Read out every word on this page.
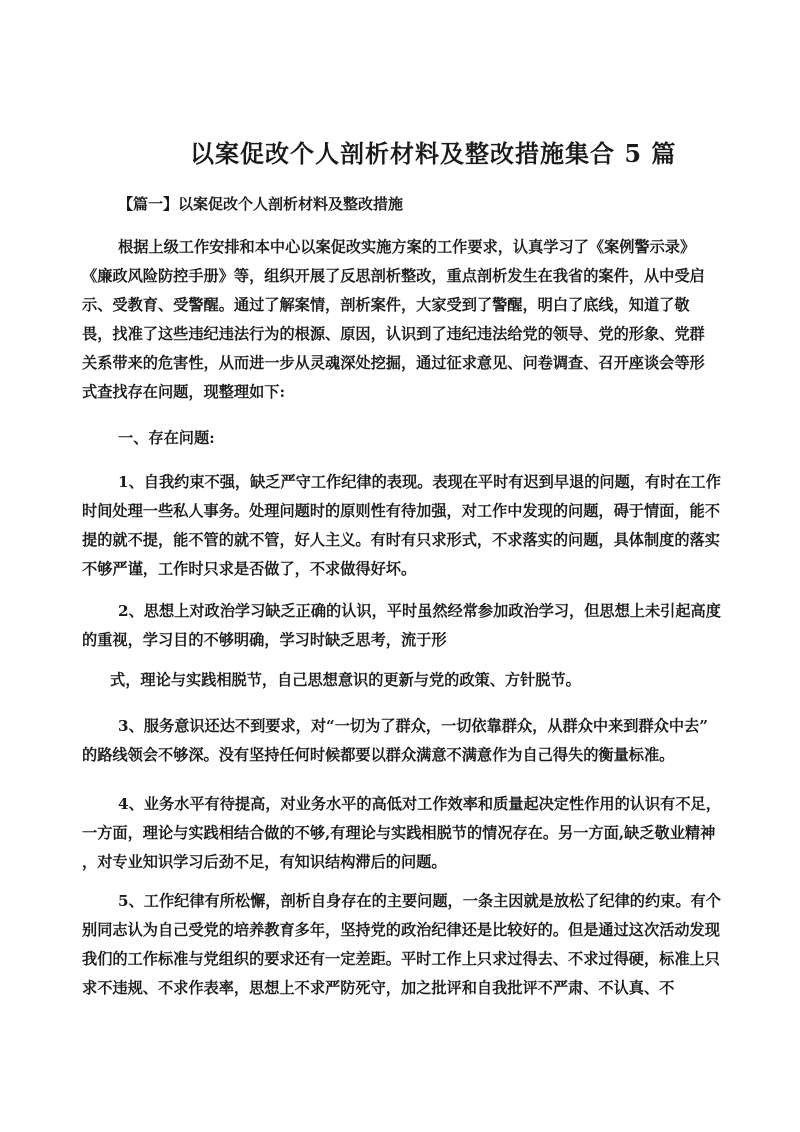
以案促改个人剖析材料及整改措施集合 5 篇
【篇一】以案促改个人剖析材料及整改措施
根据上级工作安排和本中心以案促改实施方案的工作要求，认真学习了《案例警示录》
《廉政风险防控手册》等，组织开展了反思剖析整改，重点剖析发生在我省的案件，从中受启
示、受教育、受警醒。通过了解案情，剖析案件，大家受到了警醒，明白了底线，知道了敬
畏，找准了这些违纪违法行为的根源、原因，认识到了违纪违法给党的领导、党的形象、党群
关系带来的危害性，从而进一步从灵魂深处挖掘，通过征求意见、问卷调查、召开座谈会等形
式查找存在问题，现整理如下:
一、存在问题:
1、自我约束不强，缺乏严守工作纪律的表现。表现在平时有迟到早退的问题，有时在工作
时间处理一些私人事务。处理问题时的原则性有待加强，对工作中发现的问题，碍于情面，能不
提的就不提，能不管的就不管，好人主义。有时有只求形式，不求落实的问题，具体制度的落实
不够严谨，工作时只求是否做了，不求做得好坏。
2、思想上对政治学习缺乏正确的认识，平时虽然经常参加政治学习，但思想上未引起高度
的重视，学习目的不够明确，学习时缺乏思考，流于形
式，理论与实践相脱节，自己思想意识的更新与党的政策、方针脱节。
3、服务意识还达不到要求，对“一切为了群众，一切依靠群众，从群众中来到群众中去”
的路线领会不够深。没有坚持任何时候都要以群众满意不满意作为自己得失的衡量标准。
4、业务水平有待提高，对业务水平的高低对工作效率和质量起决定性作用的认识有不足，
一方面，理论与实践相结合做的不够,有理论与实践相脱节的情况存在。另一方面,缺乏敬业精神
，对专业知识学习后劲不足，有知识结构滞后的问题。
5、工作纪律有所松懈，剖析自身存在的主要问题，一条主因就是放松了纪律的约束。有个
别同志认为自己受党的培养教育多年，坚持党的政治纪律还是比较好的。但是通过这次活动发现
我们的工作标准与党组织的要求还有一定差距。平时工作上只求过得去、不求过得硬，标准上只
求不违规、不求作表率，思想上不求严防死守，加之批评和自我批评不严肃、不认真、不
